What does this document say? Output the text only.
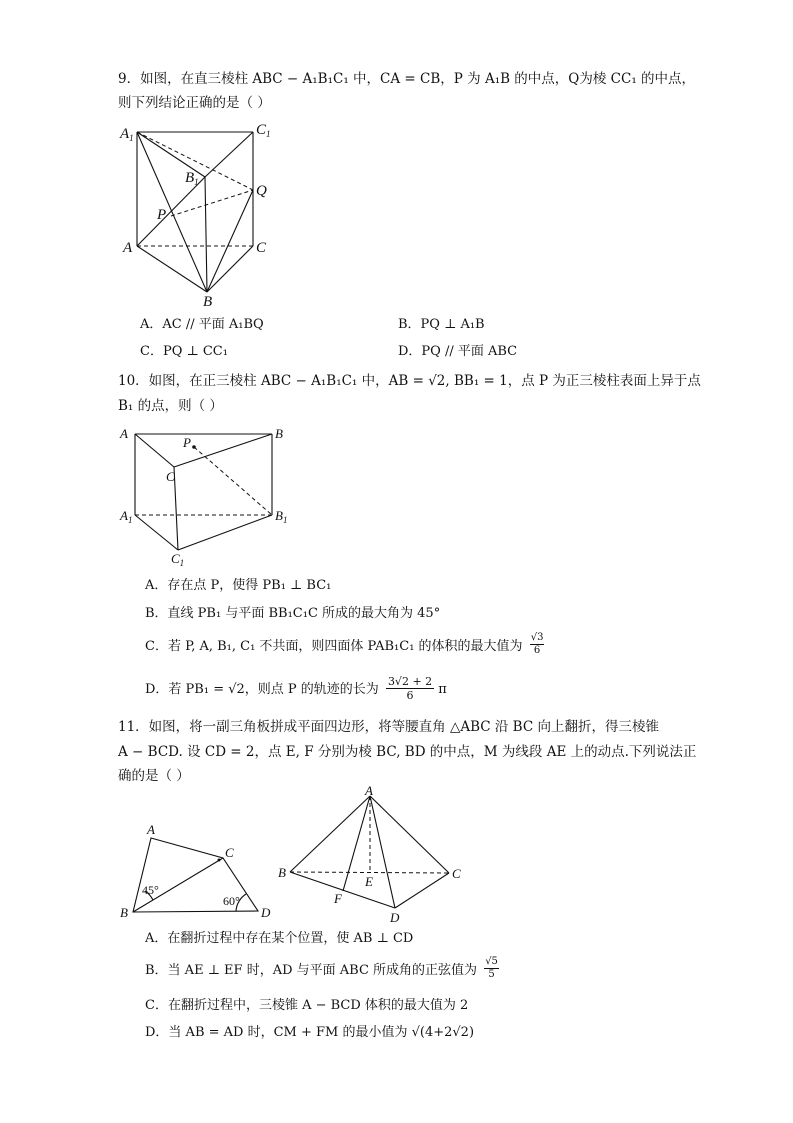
9．如图，在直三棱柱 ABC − A₁B₁C₁ 中，CA = CB，P 为 A₁B 的中点，Q为棱 CC₁ 的中点，
则下列结论正确的是（ ）
$A_1$	$C_1$
$B_1$
Q
P
A	C
B
A．AC // 平面 A₁BQ	B．PQ ⊥ A₁B
C．PQ ⊥ CC₁	D．PQ // 平面 ABC
10．如图，在正三棱柱 ABC − A₁B₁C₁ 中，AB = √2, BB₁ = 1，点 P 为正三棱柱表面上异于点
B₁ 的点，则（ ）
A	B
P
C
$A_1$	$B_1$
$C_1$
A．存在点 P，使得 PB₁ ⊥ BC₁
B．直线 PB₁ 与平面 BB₁C₁C 所成的最大角为 45°
C．若 P, A, B₁, C₁ 不共面，则四面体 PAB₁C₁ 的体积的最大值为 $\frac{√3}{6}$
D．若 PB₁ = √2，则点 P 的轨迹的长为 $\frac{3√2 + 2}{6}$ π
11．如图，将一副三角板拼成平面四边形，将等腰直角 △ABC 沿 BC 向上翻折，得三棱锥
A − BCD. 设 CD = 2，点 E, F 分别为棱 BC, BD 的中点，M 为线段 AE 上的动点.下列说法正
确的是（ ）
A
C
B	D
45°
60°
A
B	C
D
E
F
A．在翻折过程中存在某个位置，使 AB ⊥ CD
B．当 AE ⊥ EF 时，AD 与平面 ABC 所成角的正弦值为 $\frac{√5}{5}$
C．在翻折过程中，三棱锥 A − BCD 体积的最大值为 2
D．当 AB = AD 时，CM + FM 的最小值为 √(4+2√2)
